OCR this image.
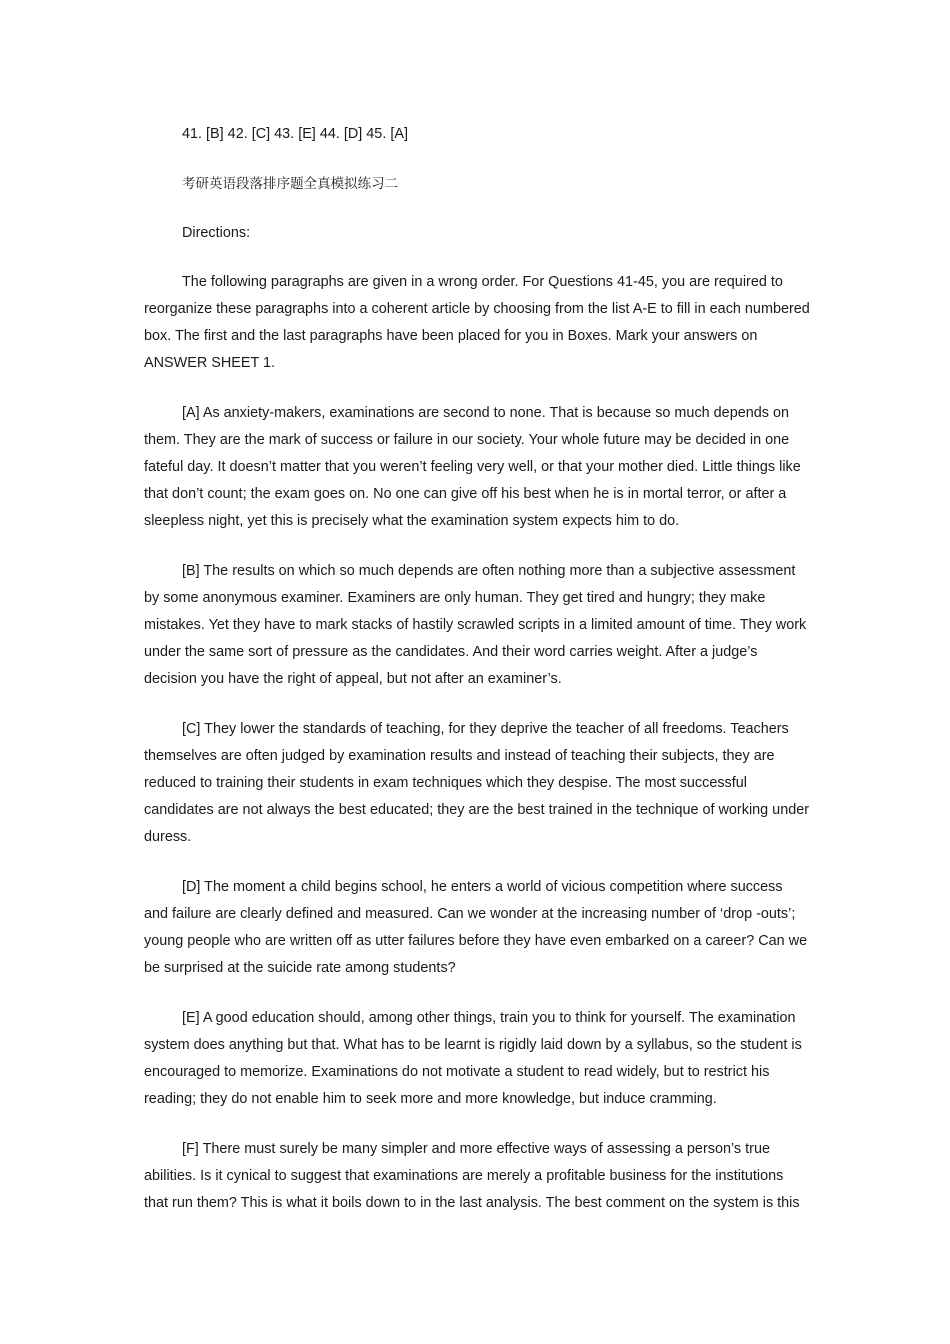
41. [B] 42. [C] 43. [E] 44. [D] 45. [A]

考研英语段落排序题全真模拟练习二

Directions:

The following paragraphs are given in a wrong order. For Questions 41-45, you are required to reorganize these paragraphs into a coherent article by choosing from the list A-E to fill in each numbered box. The first and the last paragraphs have been placed for you in Boxes. Mark your answers on ANSWER SHEET 1.

[A] As anxiety-makers, examinations are second to none. That is because so much depends on them. They are the mark of success or failure in our society. Your whole future may be decided in one fateful day. It doesn’t matter that you weren’t feeling very well, or that your mother died. Little things like that don’t count; the exam goes on. No one can give off his best when he is in mortal terror, or after a sleepless night, yet this is precisely what the examination system expects him to do.

[B] The results on which so much depends are often nothing more than a subjective assessment by some anonymous examiner. Examiners are only human. They get tired and hungry; they make mistakes. Yet they have to mark stacks of hastily scrawled scripts in a limited amount of time. They work under the same sort of pressure as the candidates. And their word carries weight. After a judge’s decision you have the right of appeal, but not after an examiner’s.

[C] They lower the standards of teaching, for they deprive the teacher of all freedoms. Teachers themselves are often judged by examination results and instead of teaching their subjects, they are reduced to training their students in exam techniques which they despise. The most successful candidates are not always the best educated; they are the best trained in the technique of working under duress.

[D] The moment a child begins school, he enters a world of vicious competition where success and failure are clearly defined and measured. Can we wonder at the increasing number of ‘drop -outs’; young people who are written off as utter failures before they have even embarked on a career? Can we be surprised at the suicide rate among students?

[E] A good education should, among other things, train you to think for yourself. The examination system does anything but that. What has to be learnt is rigidly laid down by a syllabus, so the student is encouraged to memorize. Examinations do not motivate a student to read widely, but to restrict his reading; they do not enable him to seek more and more knowledge, but induce cramming.

[F] There must surely be many simpler and more effective ways of assessing a person’s true abilities. Is it cynical to suggest that examinations are merely a profitable business for the institutions that run them? This is what it boils down to in the last analysis. The best comment on the system is this
